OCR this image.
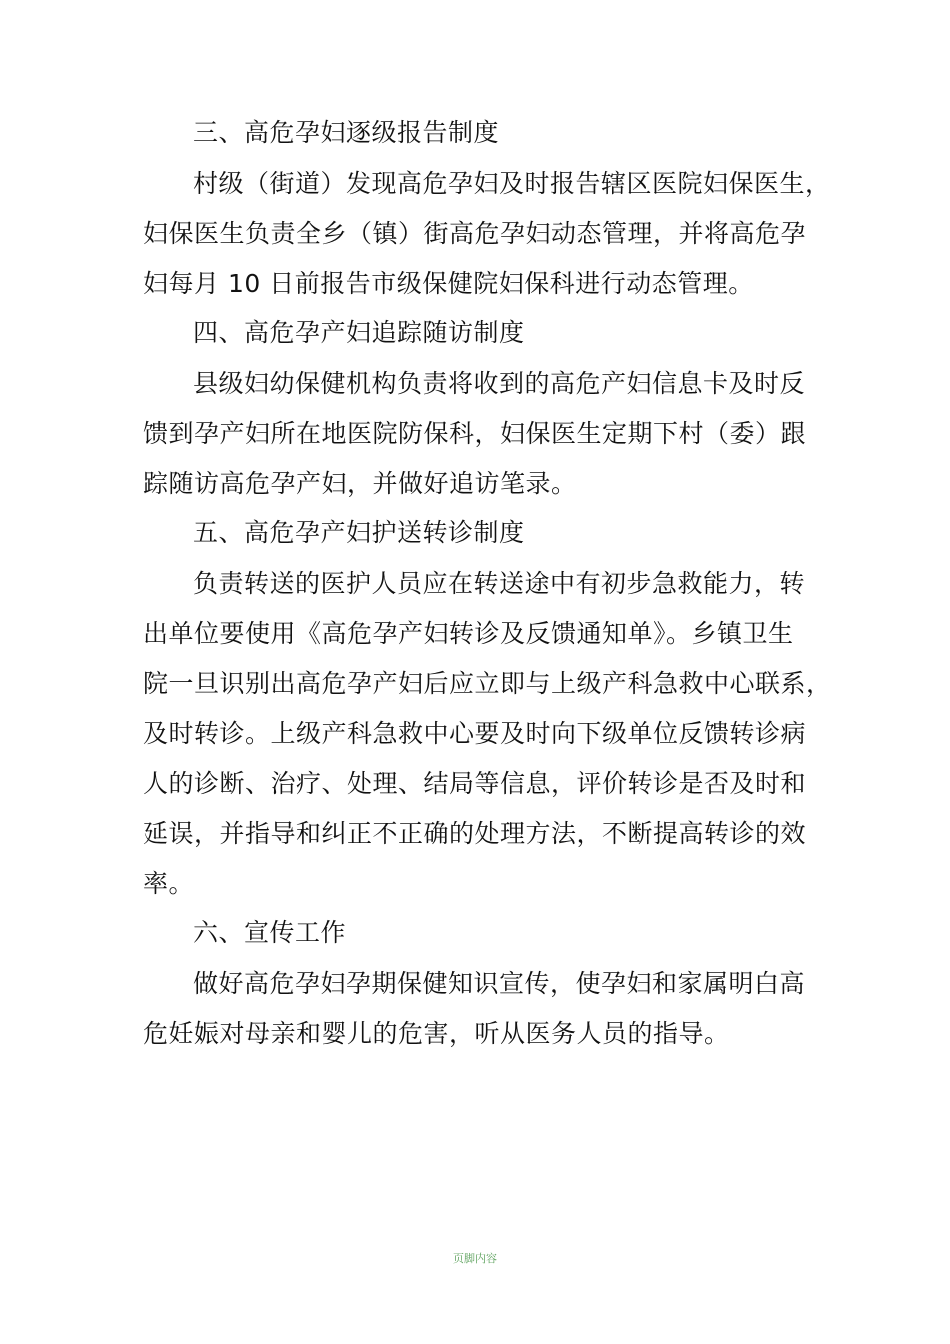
三、高危孕妇逐级报告制度
村级（街道）发现高危孕妇及时报告辖区医院妇保医生，
妇保医生负责全乡（镇）街高危孕妇动态管理，并将高危孕
妇每月 10 日前报告市级保健院妇保科进行动态管理。
四、高危孕产妇追踪随访制度
县级妇幼保健机构负责将收到的高危产妇信息卡及时反
馈到孕产妇所在地医院防保科，妇保医生定期下村（委）跟
踪随访高危孕产妇，并做好追访笔录。
五、高危孕产妇护送转诊制度
负责转送的医护人员应在转送途中有初步急救能力，转
出单位要使用《高危孕产妇转诊及反馈通知单》。乡镇卫生
院一旦识别出高危孕产妇后应立即与上级产科急救中心联系，
及时转诊。上级产科急救中心要及时向下级单位反馈转诊病
人的诊断、治疗、处理、结局等信息，评价转诊是否及时和
延误，并指导和纠正不正确的处理方法，不断提高转诊的效
率。
六、宣传工作
做好高危孕妇孕期保健知识宣传，使孕妇和家属明白高
危妊娠对母亲和婴儿的危害，听从医务人员的指导。
页脚内容
